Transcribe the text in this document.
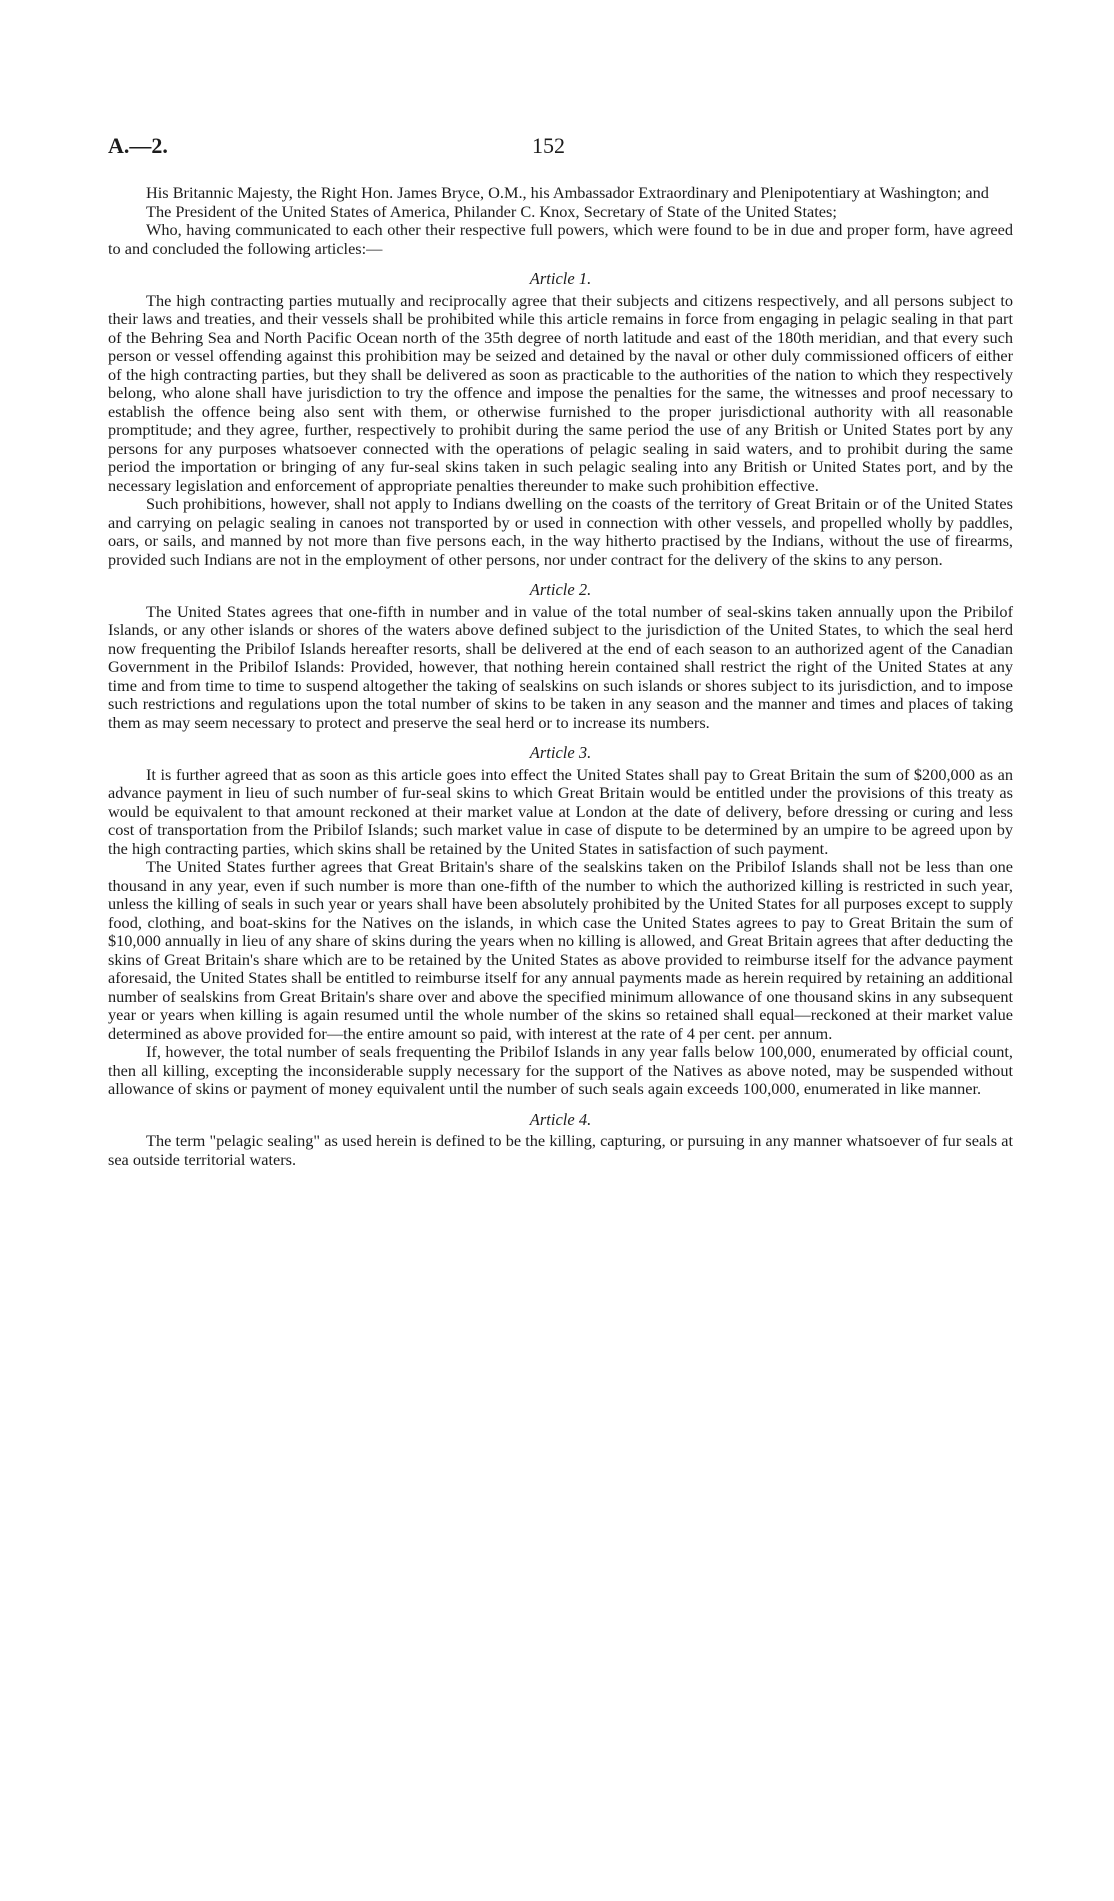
A.—2.	152

His Britannic Majesty, the Right Hon. James Bryce, O.M., his Ambassador Extraordinary and Plenipotentiary at Washington; and

The President of the United States of America, Philander C. Knox, Secretary of State of the United States;

Who, having communicated to each other their respective full powers, which were found to be in due and proper form, have agreed to and concluded the following articles:—

Article 1.

The high contracting parties mutually and reciprocally agree that their subjects and citizens respectively, and all persons subject to their laws and treaties, and their vessels shall be prohibited while this article remains in force from engaging in pelagic sealing in that part of the Behring Sea and North Pacific Ocean north of the 35th degree of north latitude and east of the 180th meridian, and that every such person or vessel offending against this prohibition may be seized and detained by the naval or other duly commissioned officers of either of the high contracting parties, but they shall be delivered as soon as practicable to the authorities of the nation to which they respectively belong, who alone shall have jurisdiction to try the offence and impose the penalties for the same, the witnesses and proof necessary to establish the offence being also sent with them, or otherwise furnished to the proper jurisdictional authority with all reasonable promptitude; and they agree, further, respectively to prohibit during the same period the use of any British or United States port by any persons for any purposes whatsoever connected with the operations of pelagic sealing in said waters, and to prohibit during the same period the importation or bringing of any fur-seal skins taken in such pelagic sealing into any British or United States port, and by the necessary legislation and enforcement of appropriate penalties thereunder to make such prohibition effective.

Such prohibitions, however, shall not apply to Indians dwelling on the coasts of the territory of Great Britain or of the United States and carrying on pelagic sealing in canoes not transported by or used in connection with other vessels, and propelled wholly by paddles, oars, or sails, and manned by not more than five persons each, in the way hitherto practised by the Indians, without the use of firearms, provided such Indians are not in the employment of other persons, nor under contract for the delivery of the skins to any person.

Article 2.

The United States agrees that one-fifth in number and in value of the total number of seal-skins taken annually upon the Pribilof Islands, or any other islands or shores of the waters above defined subject to the jurisdiction of the United States, to which the seal herd now frequenting the Pribilof Islands hereafter resorts, shall be delivered at the end of each season to an authorized agent of the Canadian Government in the Pribilof Islands: Provided, however, that nothing herein contained shall restrict the right of the United States at any time and from time to time to suspend altogether the taking of sealskins on such islands or shores subject to its jurisdiction, and to impose such restrictions and regulations upon the total number of skins to be taken in any season and the manner and times and places of taking them as may seem necessary to protect and preserve the seal herd or to increase its numbers.

Article 3.

It is further agreed that as soon as this article goes into effect the United States shall pay to Great Britain the sum of $200,000 as an advance payment in lieu of such number of fur-seal skins to which Great Britain would be entitled under the provisions of this treaty as would be equivalent to that amount reckoned at their market value at London at the date of delivery, before dressing or curing and less cost of transportation from the Pribilof Islands; such market value in case of dispute to be determined by an umpire to be agreed upon by the high contracting parties, which skins shall be retained by the United States in satisfaction of such payment.

The United States further agrees that Great Britain's share of the sealskins taken on the Pribilof Islands shall not be less than one thousand in any year, even if such number is more than one-fifth of the number to which the authorized killing is restricted in such year, unless the killing of seals in such year or years shall have been absolutely prohibited by the United States for all purposes except to supply food, clothing, and boat-skins for the Natives on the islands, in which case the United States agrees to pay to Great Britain the sum of $10,000 annually in lieu of any share of skins during the years when no killing is allowed, and Great Britain agrees that after deducting the skins of Great Britain's share which are to be retained by the United States as above provided to reimburse itself for the advance payment aforesaid, the United States shall be entitled to reimburse itself for any annual payments made as herein required by retaining an additional number of sealskins from Great Britain's share over and above the specified minimum allowance of one thousand skins in any subsequent year or years when killing is again resumed until the whole number of the skins so retained shall equal—reckoned at their market value determined as above provided for—the entire amount so paid, with interest at the rate of 4 per cent. per annum.

If, however, the total number of seals frequenting the Pribilof Islands in any year falls below 100,000, enumerated by official count, then all killing, excepting the inconsiderable supply necessary for the support of the Natives as above noted, may be suspended without allowance of skins or payment of money equivalent until the number of such seals again exceeds 100,000, enumerated in like manner.

Article 4.

The term "pelagic sealing" as used herein is defined to be the killing, capturing, or pursuing in any manner whatsoever of fur seals at sea outside territorial waters.
